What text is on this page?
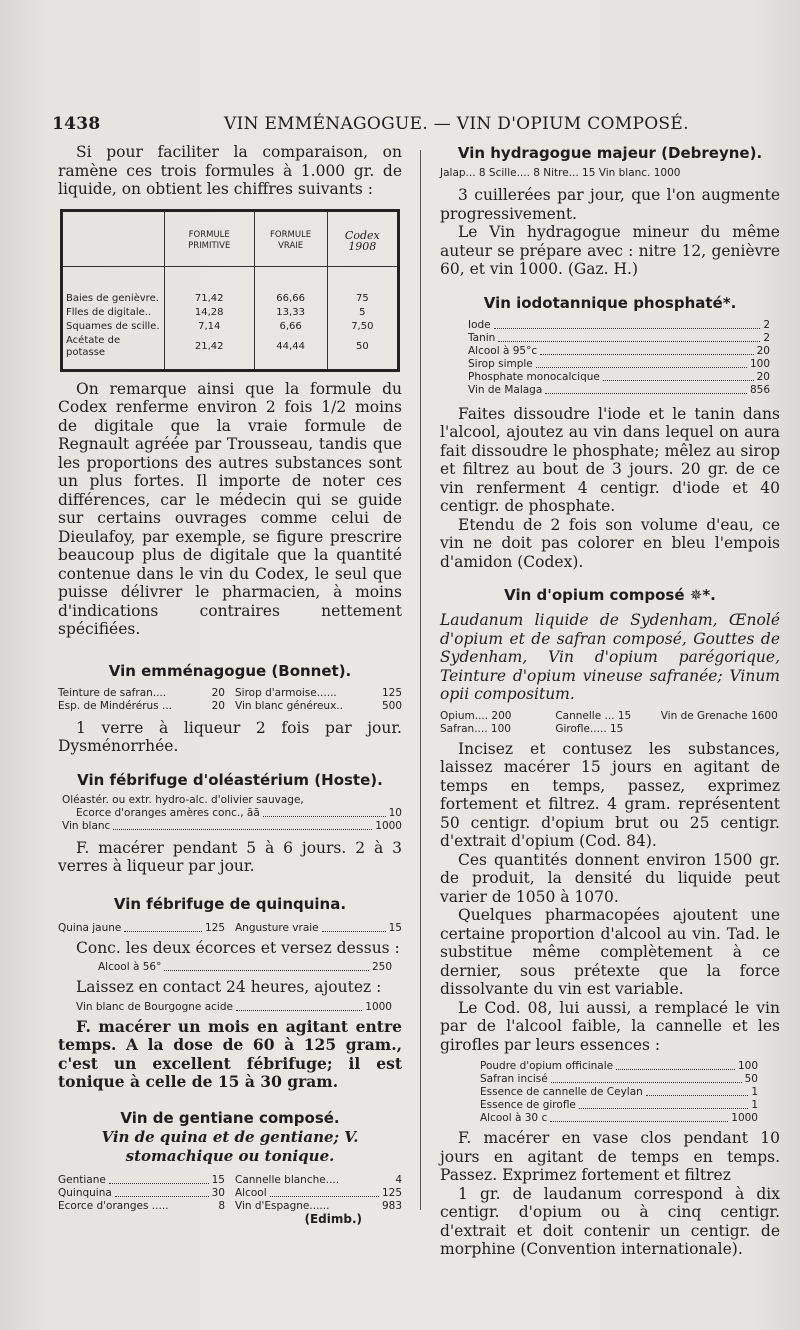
1438	VIN EMMÉNAGOGUE. — VIN D'OPIUM COMPOSÉ.

Si pour faciliter la comparaison, on ramène ces trois formules à 1.000 gr. de liquide, on obtient les chiffres suivants :

	FORMULE PRIMITIVE	FORMULE VRAIE	Codex 1908
Baies de genièvre.	71,42	66,66	75
Flles de digitale..	14,28	13,33	5
Squames de scille.	7,14	6,66	7,50
Acétate de potasse	21,42	44,44	50

On remarque ainsi que la formule du Codex renferme environ 2 fois 1/2 moins de digitale que la vraie formule de Regnault agréée par Trousseau, tandis que les proportions des autres substances sont un plus fortes. Il importe de noter ces différences, car le médecin qui se guide sur certains ouvrages comme celui de Dieulafoy, par exemple, se figure prescrire beaucoup plus de digitale que la quantité contenue dans le vin du Codex, le seul que puisse délivrer le pharmacien, à moins d'indications contraires nettement spécifiées.

Vin emménagogue (Bonnet).
Teinture de safran....	20 Sirop d'armoise......	125
Esp. de Mindérérus ...	20 Vin blanc généreux..	500

1 verre à liqueur 2 fois par jour. Dysménorrhée.

Vin fébrifuge d'oléastérium (Hoste).
Oléastér. ou extr. hydro-alc. d'olivier sauvage,
Ecorce d'oranges amères conc., āā	10
Vin blanc	1000

F. macérer pendant 5 à 6 jours. 2 à 3 verres à liqueur par jour.

Vin fébrifuge de quinquina.
Quina jaune	125 Angusture vraie	15

Conc. les deux écorces et versez dessus :

Alcool à 56°	250

Laissez en contact 24 heures, ajoutez :

Vin blanc de Bourgogne acide	1000

F. macérer un mois en agitant entre temps. A la dose de 60 à 125 gram., c'est un excellent fébrifuge; il est tonique à celle de 15 à 30 gram.

Vin de gentiane composé.
Vin de quina et de gentiane; V. stomachique ou tonique.
Gentiane	15 Cannelle blanche....	4
Quinquina	30 Alcool	125
Ecorce d'oranges .....	8 Vin d'Espagne......	983
(Edimb.)
Vin hydragogue majeur (Debreyne).
Jalap... 8 Scille.... 8 Nitre... 15 Vin blanc. 1000

3 cuillerées par jour, que l'on augmente progressivement.

Le Vin hydragogue mineur du même auteur se prépare avec : nitre 12, genièvre 60, et vin 1000. (Gaz. H.)

Vin iodotannique phosphaté*.
Iode	2
Tanin	2
Alcool à 95°c	20
Sirop simple	100
Phosphate monocalcique	20
Vin de Malaga	856

Faites dissoudre l'iode et le tanin dans l'alcool, ajoutez au vin dans lequel on aura fait dissoudre le phosphate; mêlez au sirop et filtrez au bout de 3 jours. 20 gr. de ce vin renferment 4 centigr. d'iode et 40 centigr. de phosphate.

Etendu de 2 fois son volume d'eau, ce vin ne doit pas colorer en bleu l'empois d'amidon (Codex).

Vin d'opium composé ✵*.

Laudanum liquide de Sydenham, Œnolé d'opium et de safran composé, Gouttes de Sydenham, Vin d'opium parégorique, Teinture d'opium vineuse safranée; Vinum opii compositum.

Opium.... 200	Cannelle ... 15	Vin de Grenache 1600
Safran.... 100	Girofle..... 15

Incisez et contusez les substances, laissez macérer 15 jours en agitant de temps en temps, passez, exprimez fortement et filtrez. 4 gram. représentent 50 centigr. d'opium brut ou 25 centigr. d'extrait d'opium (Cod. 84).

Ces quantités donnent environ 1500 gr. de produit, la densité du liquide peut varier de 1050 à 1070.

Quelques pharmacopées ajoutent une certaine proportion d'alcool au vin. Tad. le substitue même complètement à ce dernier, sous prétexte que la force dissolvante du vin est variable.

Le Cod. 08, lui aussi, a remplacé le vin par de l'alcool faible, la cannelle et les girofles par leurs essences :

Poudre d'opium officinale	100
Safran incisé	50
Essence de cannelle de Ceylan	1
Essence de girofle	1
Alcool à 30 c	1000

F. macérer en vase clos pendant 10 jours en agitant de temps en temps. Passez. Exprimez fortement et filtrez

1 gr. de laudanum correspond à dix centigr. d'opium ou à cinq centigr. d'extrait et doit contenir un centigr. de morphine (Convention internationale).
